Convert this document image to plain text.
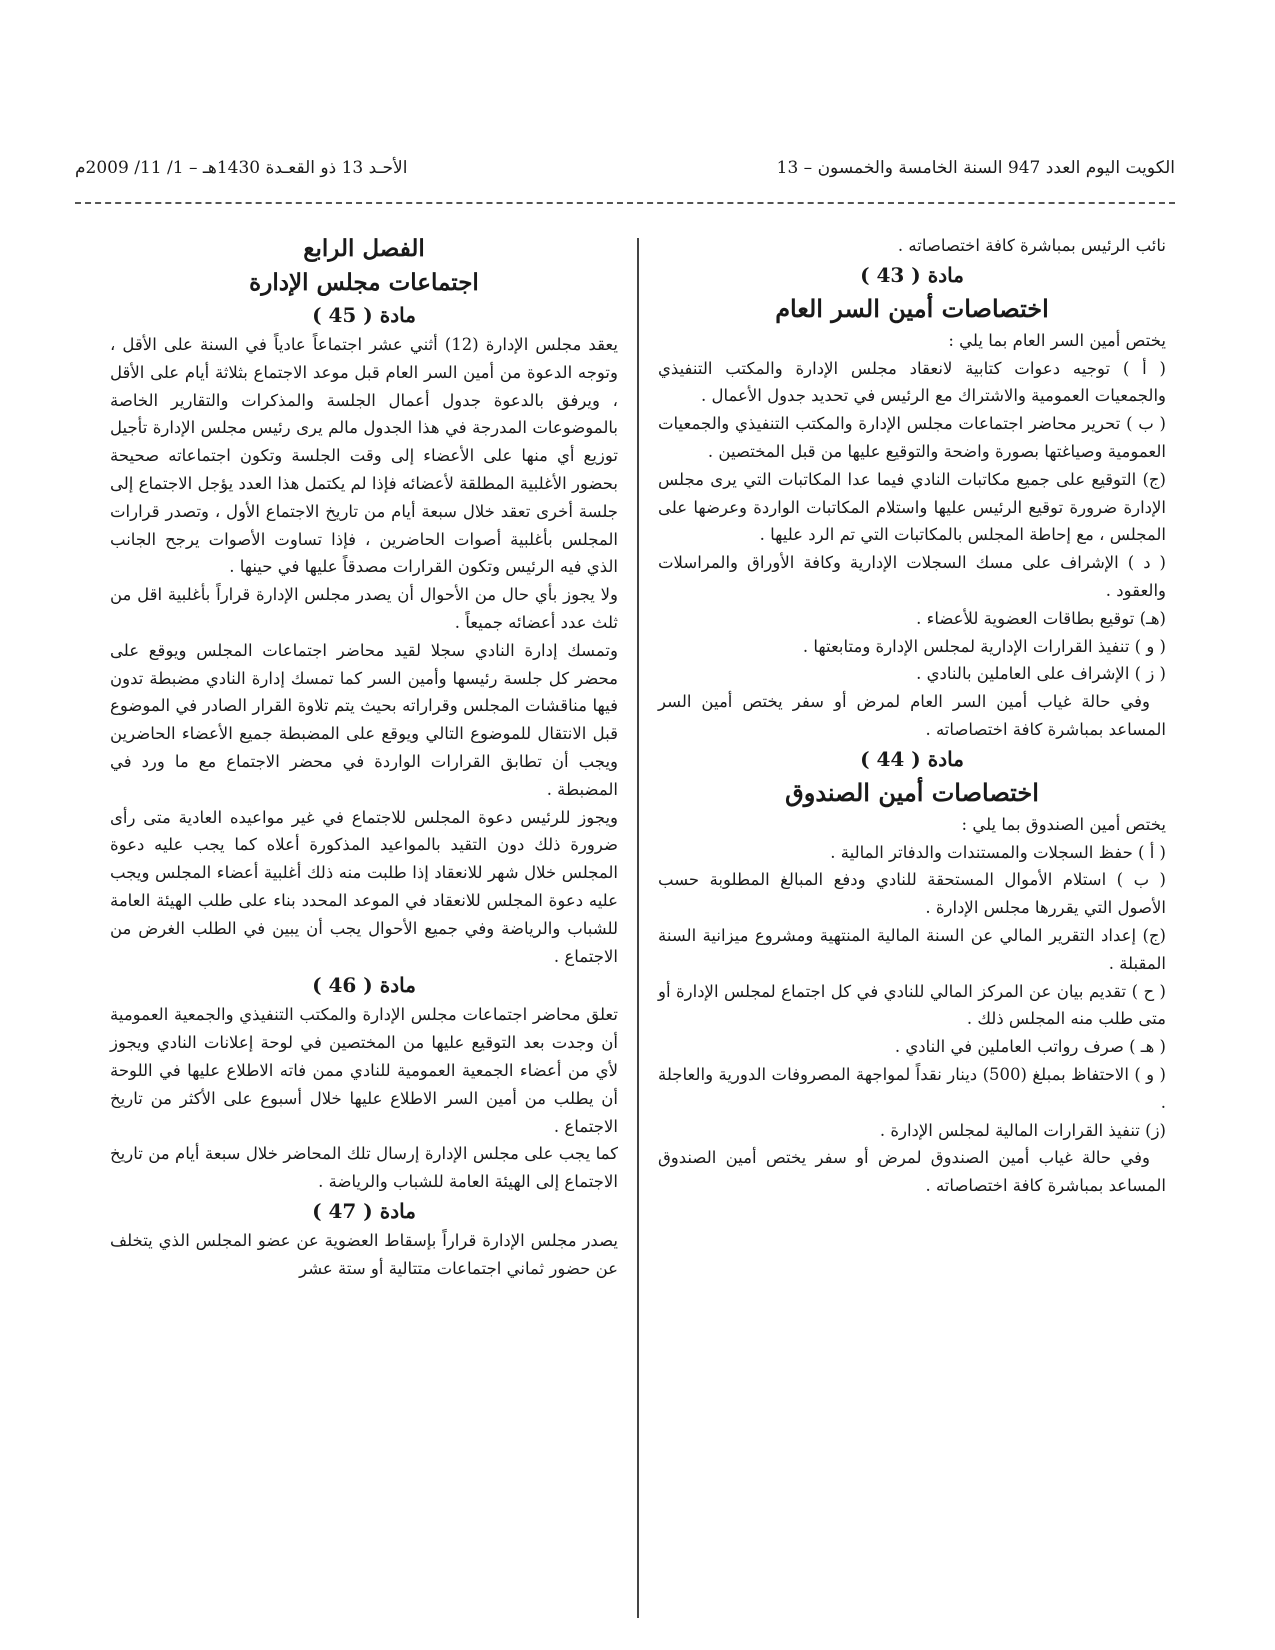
الكويت اليوم العدد 947 السنة الخامسة والخمسون – 13
الأحـد 13 ذو القعـدة 1430هـ – 1/ 11/ 2009م

نائب الرئيس بمباشرة كافة اختصاصاته .

مادة ( 43 )

اختصاصات أمين السر العام

يختص أمين السر العام بما يلي :

( أ ) توجيه دعوات كتابية لانعقاد مجلس الإدارة والمكتب التنفيذي والجمعيات العمومية والاشتراك مع الرئيس في تحديد جدول الأعمال .

( ب ) تحرير محاضر اجتماعات مجلس الإدارة والمكتب التنفيذي والجمعيات العمومية وصياغتها بصورة واضحة والتوقيع عليها من قبل المختصين .

(ج) التوقيع على جميع مكاتبات النادي فيما عدا المكاتبات التي يرى مجلس الإدارة ضرورة توقيع الرئيس عليها واستلام المكاتبات الواردة وعرضها على المجلس ، مع إحاطة المجلس بالمكاتبات التي تم الرد عليها .

( د ) الإشراف على مسك السجلات الإدارية وكافة الأوراق والمراسلات والعقود .

(هـ) توقيع بطاقات العضوية للأعضاء .

( و ) تنفيذ القرارات الإدارية لمجلس الإدارة ومتابعتها .

( ز ) الإشراف على العاملين بالنادي .

وفي حالة غياب أمين السر العام لمرض أو سفر يختص أمين السر المساعد بمباشرة كافة اختصاصاته .

مادة ( 44 )

اختصاصات أمين الصندوق

يختص أمين الصندوق بما يلي :

( أ ) حفظ السجلات والمستندات والدفاتر المالية .

( ب ) استلام الأموال المستحقة للنادي ودفع المبالغ المطلوبة حسب الأصول التي يقررها مجلس الإدارة .

(ج) إعداد التقرير المالي عن السنة المالية المنتهية ومشروع ميزانية السنة المقبلة .

( ح ) تقديم بيان عن المركز المالي للنادي في كل اجتماع لمجلس الإدارة أو متى طلب منه المجلس ذلك .

( هـ ) صرف رواتب العاملين في النادي .

( و ) الاحتفاظ بمبلغ (500) دينار نقداً لمواجهة المصروفات الدورية والعاجلة .

(ز) تنفيذ القرارات المالية لمجلس الإدارة .

وفي حالة غياب أمين الصندوق لمرض أو سفر يختص أمين الصندوق المساعد بمباشرة كافة اختصاصاته .

الفصل الرابع

اجتماعات مجلس الإدارة

مادة ( 45 )

يعقد مجلس الإدارة (12) أثني عشر اجتماعاً عادياً في السنة على الأقل ، وتوجه الدعوة من أمين السر العام قبل موعد الاجتماع بثلاثة أيام على الأقل ، ويرفق بالدعوة جدول أعمال الجلسة والمذكرات والتقارير الخاصة بالموضوعات المدرجة في هذا الجدول مالم يرى رئيس مجلس الإدارة تأجيل توزيع أي منها على الأعضاء إلى وقت الجلسة وتكون اجتماعاته صحيحة بحضور الأغلبية المطلقة لأعضائه فإذا لم يكتمل هذا العدد يؤجل الاجتماع إلى جلسة أخرى تعقد خلال سبعة أيام من تاريخ الاجتماع الأول ، وتصدر قرارات المجلس بأغلبية أصوات الحاضرين ، فإذا تساوت الأصوات يرجح الجانب الذي فيه الرئيس وتكون القرارات مصدقاً عليها في حينها .

ولا يجوز بأي حال من الأحوال أن يصدر مجلس الإدارة قراراً بأغلبية اقل من ثلث عدد أعضائه جميعاً .

وتمسك إدارة النادي سجلا لقيد محاضر اجتماعات المجلس ويوقع على محضر كل جلسة رئيسها وأمين السر كما تمسك إدارة النادي مضبطة تدون فيها مناقشات المجلس وقراراته بحيث يتم تلاوة القرار الصادر في الموضوع قبل الانتقال للموضوع التالي ويوقع على المضبطة جميع الأعضاء الحاضرين ويجب أن تطابق القرارات الواردة في محضر الاجتماع مع ما ورد في المضبطة .

ويجوز للرئيس دعوة المجلس للاجتماع في غير مواعيده العادية متى رأى ضرورة ذلك دون التقيد بالمواعيد المذكورة أعلاه كما يجب عليه دعوة المجلس خلال شهر للانعقاد إذا طلبت منه ذلك أغلبية أعضاء المجلس ويجب عليه دعوة المجلس للانعقاد في الموعد المحدد بناء على طلب الهيئة العامة للشباب والرياضة وفي جميع الأحوال يجب أن يبين في الطلب الغرض من الاجتماع .

مادة ( 46 )

تعلق محاضر اجتماعات مجلس الإدارة والمكتب التنفيذي والجمعية العمومية أن وجدت بعد التوقيع عليها من المختصين في لوحة إعلانات النادي ويجوز لأي من أعضاء الجمعية العمومية للنادي ممن فاته الاطلاع عليها في اللوحة أن يطلب من أمين السر الاطلاع عليها خلال أسبوع على الأكثر من تاريخ الاجتماع .

كما يجب على مجلس الإدارة إرسال تلك المحاضر خلال سبعة أيام من تاريخ الاجتماع إلى الهيئة العامة للشباب والرياضة .

مادة ( 47 )

يصدر مجلس الإدارة قراراً بإسقاط العضوية عن عضو المجلس الذي يتخلف عن حضور ثماني اجتماعات متتالية أو ستة عشر
